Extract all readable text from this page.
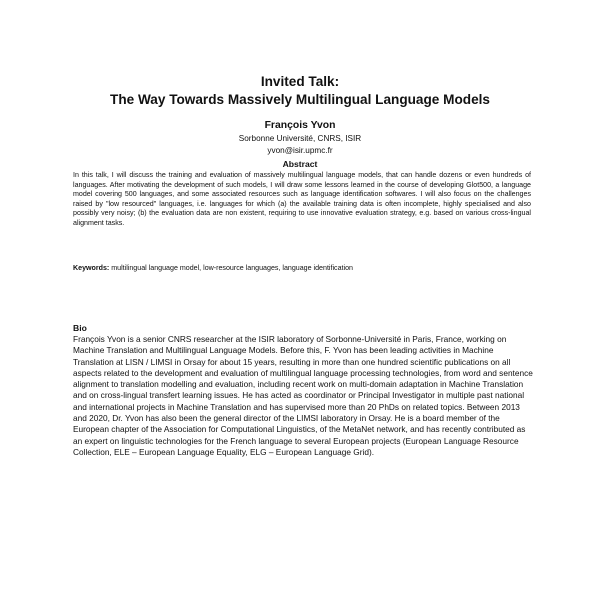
Invited Talk:
The Way Towards Massively Multilingual Language Models

François Yvon

Sorbonne Université, CNRS, ISIR

yvon@isir.upmc.fr

Abstract

In this talk, I will discuss the training and evaluation of massively multilingual language models, that can handle dozens or even hundreds of languages. After motivating the development of such models, I will draw some lessons learned in the course of developing Glot500, a language model covering 500 languages, and some associated resources such as language identification softwares. I will also focus on the challenges raised by "low resourced" languages, i.e. languages for which (a) the available training data is often incomplete, highly specialised and also possibly very noisy; (b) the evaluation data are non existent, requiring to use innovative evaluation strategy, e.g. based on various cross-lingual alignment tasks.

Keywords: multilingual language model, low-resource languages, language identification

Bio

François Yvon is a senior CNRS researcher at the ISIR laboratory of Sorbonne-Université in Paris, France, working on Machine Translation and Multilingual Language Models. Before this, F. Yvon has been leading activities in Machine Translation at LISN / LIMSI in Orsay for about 15 years, resulting in more than one hundred scientific publications on all aspects related to the development and evaluation of multilingual language processing technologies, from word and sentence alignment to translation modelling and evaluation, including recent work on multi-domain adaptation in Machine Translation and on cross-lingual transfert learning issues. He has acted as coordinator or Principal Investigator in multiple past national and international projects in Machine Translation and has supervised more than 20 PhDs on related topics. Between 2013 and 2020, Dr. Yvon has also been the general director of the LIMSI laboratory in Orsay. He is a board member of the European chapter of the Association for Computational Linguistics, of the MetaNet network, and has recently contributed as an expert on linguistic technologies for the French language to several European projects (European Language Resource Collection, ELE – European Language Equality, ELG – European Language Grid).
